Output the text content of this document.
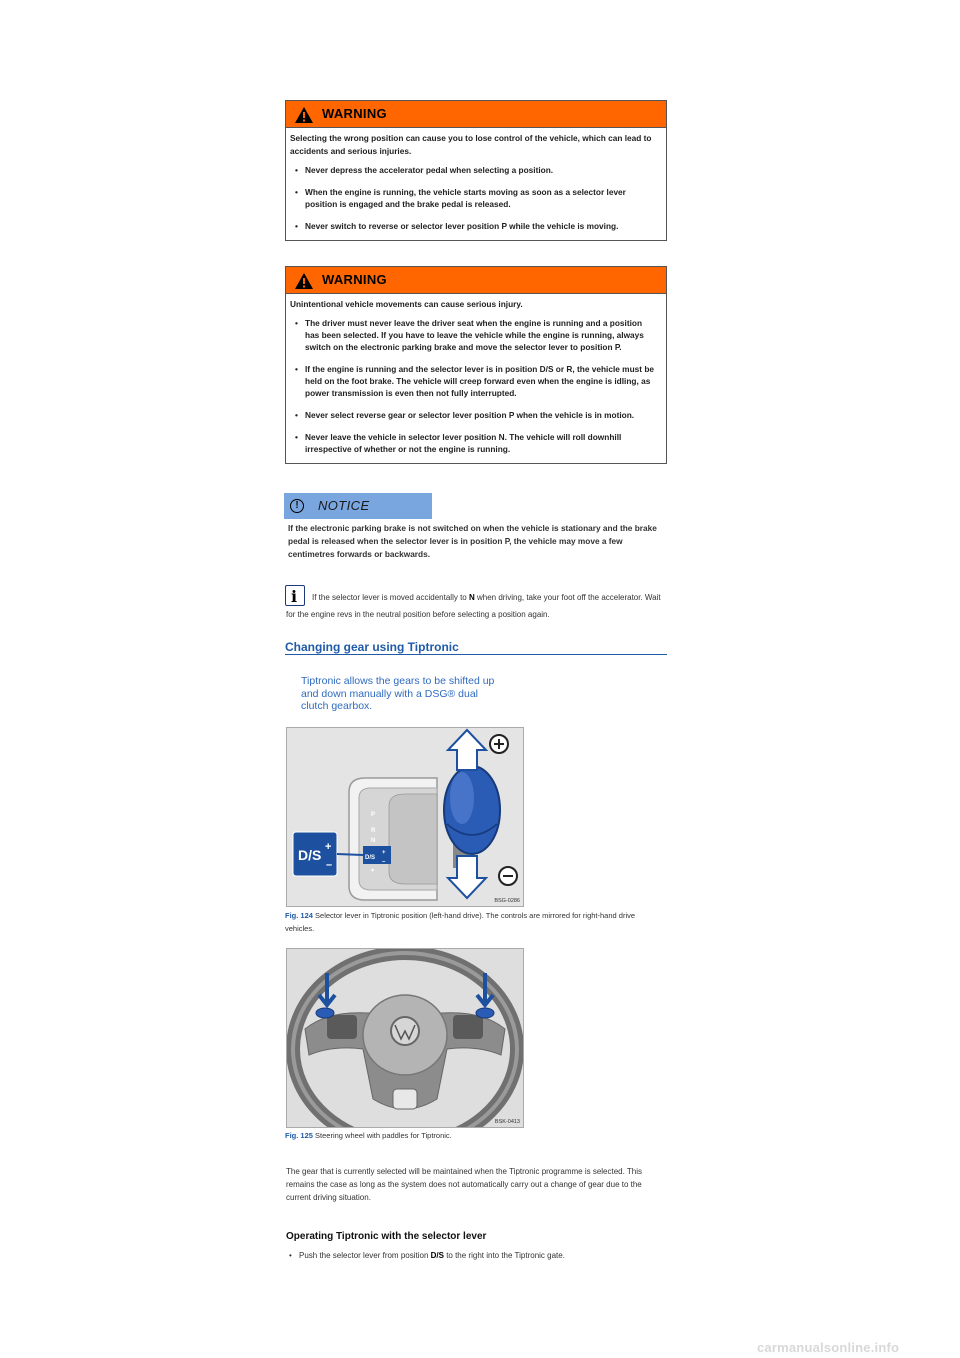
WARNING

Selecting the wrong position can cause you to lose control of the vehicle, which can lead to accidents and serious injuries.

• Never depress the accelerator pedal when selecting a position.
• When the engine is running, the vehicle starts moving as soon as a selector lever position is engaged and the brake pedal is released.
• Never switch to reverse or selector lever position P while the vehicle is moving.
WARNING

Unintentional vehicle movements can cause serious injury.

• The driver must never leave the driver seat when the engine is running and a position has been selected. If you have to leave the vehicle while the engine is running, always switch on the electronic parking brake and move the selector lever to position P.
• If the engine is running and the selector lever is in position D/S or R, the vehicle must be held on the foot brake. The vehicle will creep forward even when the engine is idling, as power transmission is even then not fully interrupted.
• Never select reverse gear or selector lever position P when the vehicle is in motion.
• Never leave the vehicle in selector lever position N. The vehicle will roll downhill irrespective of whether or not the engine is running.
!	NOTICE

If the electronic parking brake is not switched on when the vehicle is stationary and the brake pedal is released when the selector lever is in position P, the vehicle may move a few centimetres forwards or backwards.

i	If the selector lever is moved accidentally to N when driving, take your foot off the accelerator. Wait for the engine revs in the neutral position before selecting a position again.

Changing gear using Tiptronic

Tiptronic allows the gears to be shifted up and down manually with a DSG® dual clutch gearbox.

P
R
N
D/S
+
–
▾
D/S +
–
BSG-0286

Fig. 124 Selector lever in Tiptronic position (left-hand drive). The controls are mirrored for right-hand drive vehicles.

BSK-0413

Fig. 125 Steering wheel with paddles for Tiptronic.

The gear that is currently selected will be maintained when the Tiptronic programme is selected. This remains the case as long as the system does not automatically carry out a change of gear due to the current driving situation.

Operating Tiptronic with the selector lever

• Push the selector lever from position D/S to the right into the Tiptronic gate.

carmanualsonline.info
